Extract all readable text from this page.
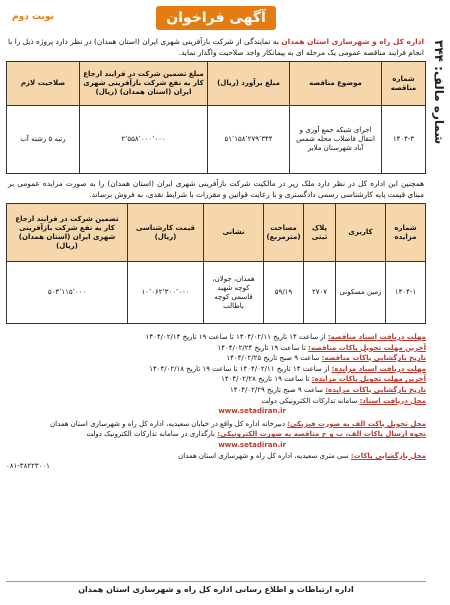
شماره مالف: ۳۴۴
آگهی فراخوان
نوبت دوم

اداره کل راه و شهرسازی استان همدان به نمایندگی از شرکت بازآفرینی شهری ایران (استان همدان) در نظر دارد پروژه ذیل را با انجام فرایند مناقصه عمومی یک مرحله ای به پیمانکار واجد صلاحیت واگذار نماید.

شماره مناقصه	موضوع مناقصه	مبلغ برآورد (ریال)	مبلغ تضمین شرکت در فرایند ارجاع کار به نفع شرکت بازآفرینی شهری ایران (استان همدان) (ریال)	صلاحیت لازم
۱۴۰۴-۳	اجرای شبکه جمع آوری و انتقال فاضلاب محله شمس آباد شهرستان ملایر	۵۱٬۱۵۸٬۲۷۹٬۳۴۴	۲٬۵۵۸٬۰۰۰٬۰۰۰	رتبه ۵ رشته آب

همچنین این اداره کل در نظر دارد ملک زیر در مالکیت شرکت بازآفرینی شهری ایران (استان همدان) را به صورت مزایده عمومی بر مبنای قیمت پایه کارشناسی رسمی دادگستری و با رعایت قوانین و مقررات با شرایط نقدی، به فروش برساند.

شماره مزایده	کاربری	پلاک ثبتی	مساحت (مترمربع)	نشانی	قیمت کارشناسی (ریال)	تضمین شرکت در فرایند ارجاع کار به نفع شرکت بازآفرینی شهری ایران (استان همدان) (ریال)
۱۴۰۴-۱	زمین مسکونی	۲۷۰۷	۵۹/۱۹	همدان، جولان، کوچه شهید قاسمی کوچه باطالب	۱۰٬۰۶۲٬۳۰۰٬۰۰۰	۵۰۳٬۱۱۵٬۰۰۰
مهلت دریافت اسناد مناقصه: از ساعت ۱۴ تاریخ ۱۴۰۴/۰۲/۱۱ تا ساعت ۱۹ تاریخ ۱۴۰۴/۰۲/۱۴
آخرین مهلت تحویل پاکات مناقصه: تا ساعت ۱۹ تاریخ ۱۴۰۴/۰۲/۲۴
تاریخ بازگشایی پاکات مناقصه: ساعت ۹ صبح تاریخ ۱۴۰۴/۰۲/۲۵
مهلت دریافت اسناد مزایده: از ساعت ۱۴ تاریخ ۱۴۰۴/۰۲/۱۱ تا ساعت ۱۹ تاریخ ۱۴۰۴/۰۲/۱۸
آخرین مهلت تحویل پاکات مزایده: تا ساعت ۱۹ تاریخ ۱۴۰۴/۰۲/۲۸
تاریخ بازگشایی پاکات مزایده: ساعت ۹ صبح تاریخ ۱۴۰۴/۰۲/۲۹
محل دریافت اسناد: سامانه تدارکات الکترونیکی دولت
www.setadiran.ir
محل تحویل پاکت الف به صورت فیزیکی: دبیرخانه اداره کل واقع در خیابان سعیدیه، اداره کل راه و شهرسازی استان همدان
نحوه ارسال پاکات الف، ب و ج مناقصه به صورت الکترونیکی: بارگذاری در سامانه تدارکات الکترونیک دولت
www.setadiran.ir
محل بازگشایی پاکات: سی متری سعیدیه، اداره کل راه و شهرسازی استان همدان
۰۸۱-۳۸۲۲۳۰۰۱
اداره ارتباطات و اطلاع رسانی اداره کل راه و شهرسازی استان همدان
